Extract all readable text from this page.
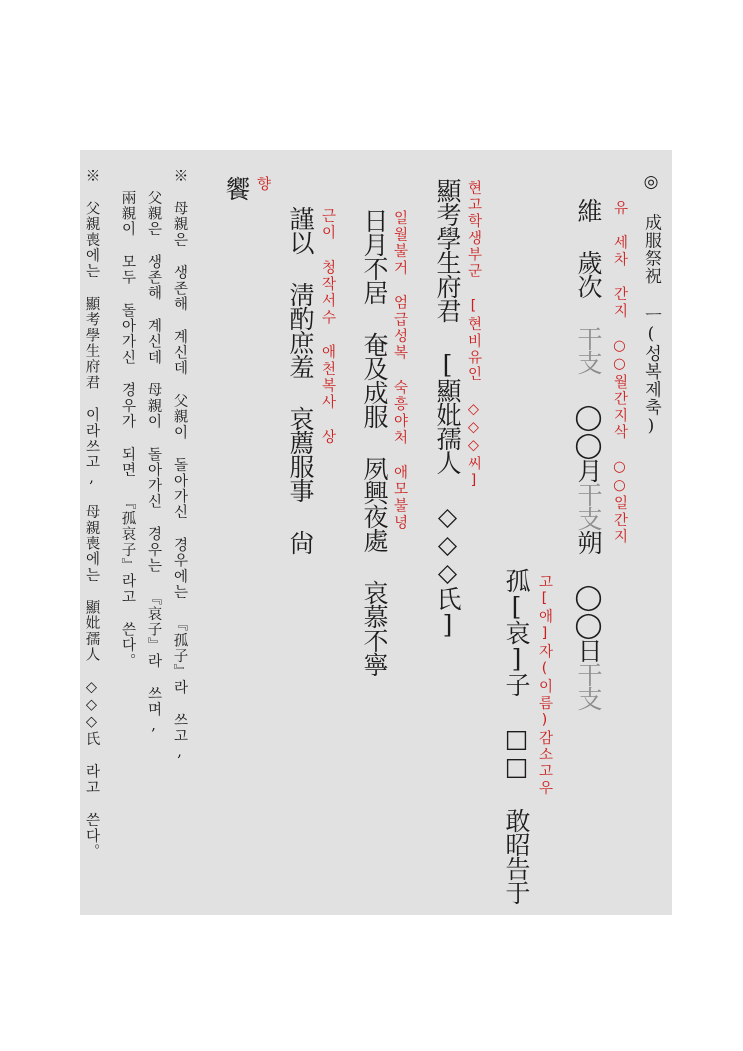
◎ 成服祭祝 ㅡ(성복제축)
유 세차 간지 ○○월간지삭 ○○일간지
維 歲次 干支 ◯◯月干支朔 ◯◯日干支
고[애]자(이름)감소고우
孤[哀]子 □□ 敢昭告于
현고학생부군 [현비유인 ◇◇◇씨]
顯考學生府君 [顯妣孺人 ◇◇◇氏]
일월불거 엄급성복 숙흥야처 애모불녕
日月不居 奄及成服 夙興夜處 哀慕不寧
근이 청작서수 애천복사 상
謹以 淸酌庶羞 哀薦服事 尙
향
饗
※ 母親은 생존해 계신데 父親이 돌아가신 경우에는 『孤子』라 쓰고,
父親은 생존해 계신데 母親이 돌아가신 경우는 『哀子』라 쓰며,
兩親이 모두 돌아가신 경우가 되면 『孤哀子』라고 쓴다。
※ 父親喪에는 顯考學生府君 이라쓰고, 母親喪에는 顯妣孺人 ◇◇◇氏 라고 쓴다。
